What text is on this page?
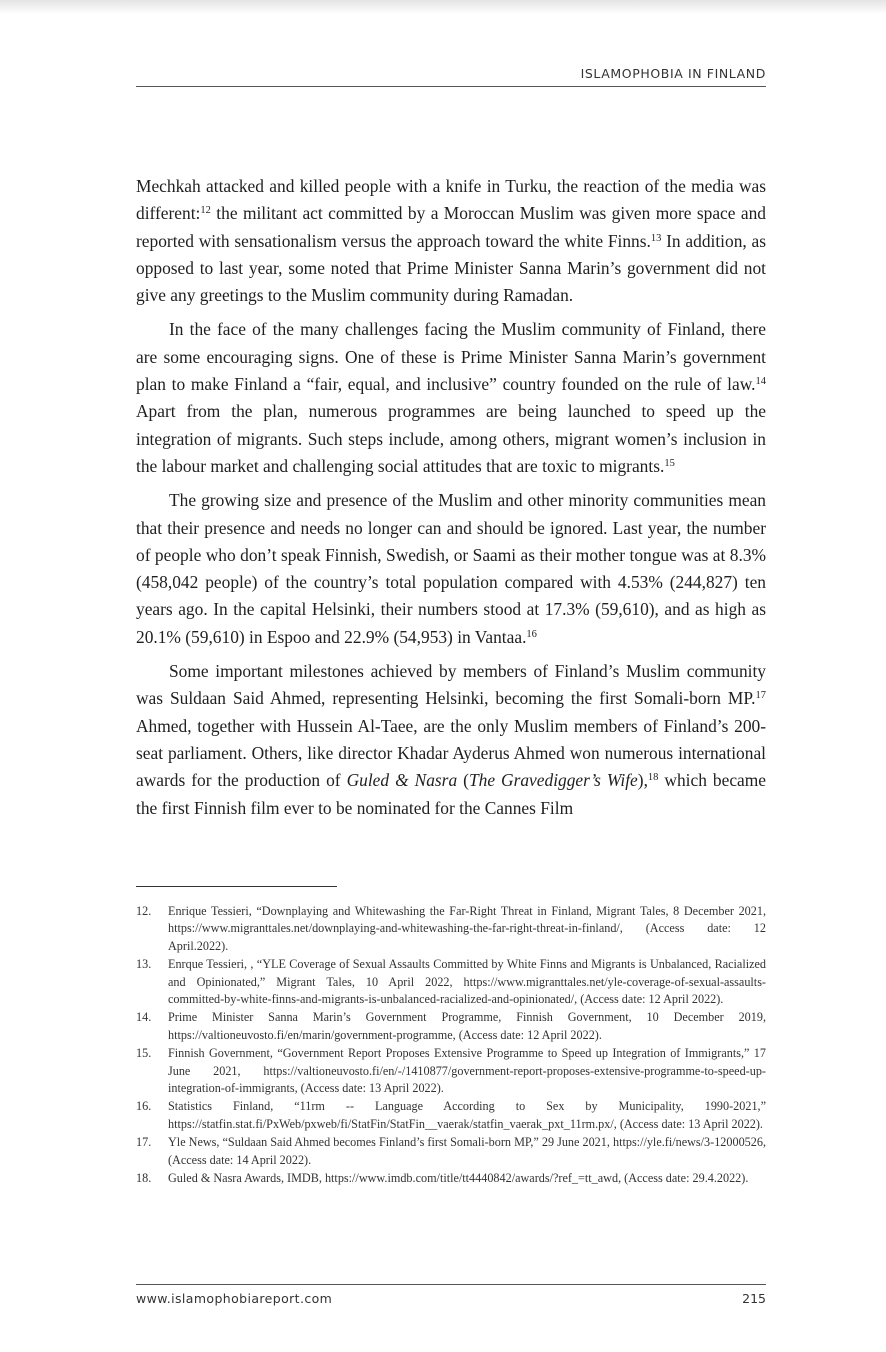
ISLAMOPHOBIA IN FINLAND

Mechkah attacked and killed people with a knife in Turku, the reaction of the media was different:$^{12}$ the militant act committed by a Moroccan Muslim was given more space and reported with sensationalism versus the approach toward the white Finns.$^{13}$ In addition, as opposed to last year, some noted that Prime Minister Sanna Marin’s government did not give any greetings to the Muslim community during Ramadan.

In the face of the many challenges facing the Muslim community of Finland, there are some encouraging signs. One of these is Prime Minister Sanna Marin’s government plan to make Finland a “fair, equal, and inclusive” country founded on the rule of law.$^{14}$ Apart from the plan, numerous programmes are being launched to speed up the integration of migrants. Such steps include, among others, migrant women’s inclusion in the labour market and challenging social attitudes that are toxic to migrants.$^{15}$

The growing size and presence of the Muslim and other minority communities mean that their presence and needs no longer can and should be ignored. Last year, the number of people who don’t speak Finnish, Swedish, or Saami as their mother tongue was at 8.3% (458,042 people) of the country’s total population compared with 4.53% (244,827) ten years ago. In the capital Helsinki, their numbers stood at 17.3% (59,610), and as high as 20.1% (59,610) in Espoo and 22.9% (54,953) in Vantaa.$^{16}$

Some important milestones achieved by members of Finland’s Muslim community was Suldaan Said Ahmed, representing Helsinki, becoming the first Somali-born MP.$^{17}$ Ahmed, together with Hussein Al-Taee, are the only Muslim members of Finland’s 200-seat parliament. Others, like director Khadar Ayderus Ahmed won numerous international awards for the production of Guled & Nasra (The Gravedigger’s Wife),$^{18}$ which became the first Finnish film ever to be nominated for the Cannes Film

12.	Enrique Tessieri, “Downplaying and Whitewashing the Far-Right Threat in Finland, Migrant Tales, 8 December 2021, https://www.migranttales.net/downplaying-and-whitewashing-the-far-right-threat-in-finland/, (Access date: 12 April.2022).
13.	Enrque Tessieri, , “YLE Coverage of Sexual Assaults Committed by White Finns and Migrants is Unbalanced, Racialized and Opinionated,” Migrant Tales, 10 April 2022, https://www.migranttales.net/yle-coverage-of-sexual-assaults-committed-by-white-finns-and-migrants-is-unbalanced-racialized-and-opinionated/, (Access date: 12 April 2022).
14.	Prime Minister Sanna Marin’s Government Programme, Finnish Government, 10 December 2019, https://valtioneuvosto.fi/en/marin/government-programme, (Access date: 12 April 2022).
15.	Finnish Government, “Government Report Proposes Extensive Programme to Speed up Integration of Immigrants,” 17 June 2021, https://valtioneuvosto.fi/en/-/1410877/government-report-proposes-extensive-programme-to-speed-up-integration-of-immigrants, (Access date: 13 April 2022).
16.	Statistics Finland, “11rm -- Language According to Sex by Municipality, 1990-2021,” https://statfin.stat.fi/PxWeb/pxweb/fi/StatFin/StatFin__vaerak/statfin_vaerak_pxt_11rm.px/, (Access date: 13 April 2022).
17.	Yle News, “Suldaan Said Ahmed becomes Finland’s first Somali-born MP,” 29 June 2021, https://yle.fi/news/3-12000526, (Access date: 14 April 2022).
18.	Guled & Nasra Awards, IMDB, https://www.imdb.com/title/tt4440842/awards/?ref_=tt_awd, (Access date: 29.4.2022).
www.islamophobiareport.com	215
